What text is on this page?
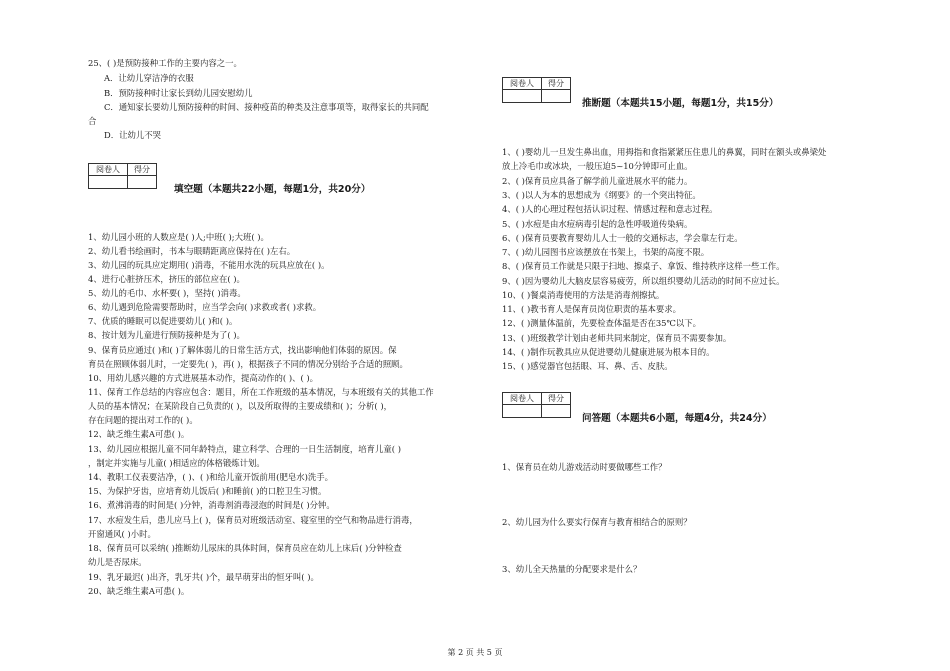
25、( )是预防接种工作的主要内容之一。
A．让幼儿穿洁净的衣服
B．预防接种时让家长到幼儿园安慰幼儿
C．通知家长要幼儿预防接种的时间、接种疫苗的种类及注意事项等，取得家长的共同配
合
D．让幼儿不哭
阅卷人	得分

填空题（本题共22小题，每题1分，共20分）
1、幼儿园小班的人数应是( )人;中班( );大班( )。
2、幼儿看书绘画时，书本与眼睛距离应保持在( )左右。
3、幼儿园的玩具应定期用( )消毒，不能用水洗的玩具应放在( )。
4、进行心脏挤压术，挤压的部位应在( )。
5、幼儿的毛巾、水杯要( )，坚持( )消毒。
6、幼儿遇到危险需要帮助时，应当学会向( )求救或者( )求救。
7、优质的睡眠可以促进要幼儿( )和( )。
8、按计划为儿童进行预防接种是为了( )。
9、保育员应通过( )和( )了解体弱儿的日常生活方式，找出影响他们体弱的原因。保
育员在照顾体弱儿时，一定要先( )，再( )，根据孩子不同的情况分别给予合适的照顾。
10、用幼儿感兴趣的方式进展基本动作，提高动作的( )、( )。
11、保育工作总结的内容应包含：题目，所在工作班级的基本情况，与本班级有关的其他工作
人员的基本情况；在某阶段自己负责的( )，以及所取得的主要成绩和( )；分析( )，
存在问题的提出对工作的( )。
12、缺乏维生素A可患( )。
13、幼儿园应根据儿童不同年龄特点，建立科学、合理的一日生活制度，培育儿童( )
，制定并实施与儿童( )相适应的体格锻炼计划。
14、教职工仪表要洁净，( )、( )和给儿童开饭前用(肥皂水)洗手。
15、为保护牙齿，应培育幼儿饭后( )和睡前( )的口腔卫生习惯。
16、煮沸消毒的时间是( )分钟，消毒剂消毒浸泡的时间是( )分钟。
17、水痘发生后，患儿应马上( )，保育员对班级活动室、寝室里的空气和物品进行消毒，
开窗通风( )小时。
18、保育员可以采纳( )推断幼儿尿床的具体时间，保育员应在幼儿上床后( )分钟检查
幼儿是否尿床。
19、乳牙最迟( )出齐，乳牙共( )个，最早萌芽出的恒牙叫( )。
20、缺乏维生素A可患( )。
阅卷人	得分

推断题（本题共15小题，每题1分，共15分）
1、( )婴幼儿一旦发生鼻出血，用拇指和食指紧紧压住患儿的鼻翼，同时在额头或鼻梁处
放上冷毛巾或冰块，一般压迫5~10分钟即可止血。
2、( )保育员应具备了解学前儿童进展水平的能力。
3、( )以人为本的思想成为《纲要》的一个突出特征。
4、( )人的心理过程包括认识过程、情感过程和意志过程。
5、( )水痘是由水痘病毒引起的急性呼吸道传染病。
6、( )保育员要教育婴幼儿人士一般的交通标志，学会靠左行走。
7、( )幼儿园图书应该摆放在书架上，书架的高度不限。
8、( )保育员工作就是只限于扫地、擦桌子、拿饭、维持秩序这样一些工作。
9、( )因为婴幼儿大脑皮层容易疲劳，所以组织婴幼儿活动的时间不应过长。
10、( )餐桌消毒使用的方法是消毒剂擦拭。
11、( )教书育人是保育员岗位职责的基本要求。
12、( )测量体温前，先要检查体温是否在35℃以下。
13、( )班级教学计划由老师共同来制定，保育员不需要参加。
14、( )制作玩教具应从促进婴幼儿健康进展为根本目的。
15、( )感觉器官包括眼、耳、鼻、舌、皮肤。
阅卷人	得分

问答题（本题共6小题，每题4分，共24分）
1、保育员在幼儿游戏活动时要做哪些工作？
2、幼儿园为什么要实行保育与教育相结合的原则？
3、幼儿全天热量的分配要求是什么？
第 2 页 共 5 页
